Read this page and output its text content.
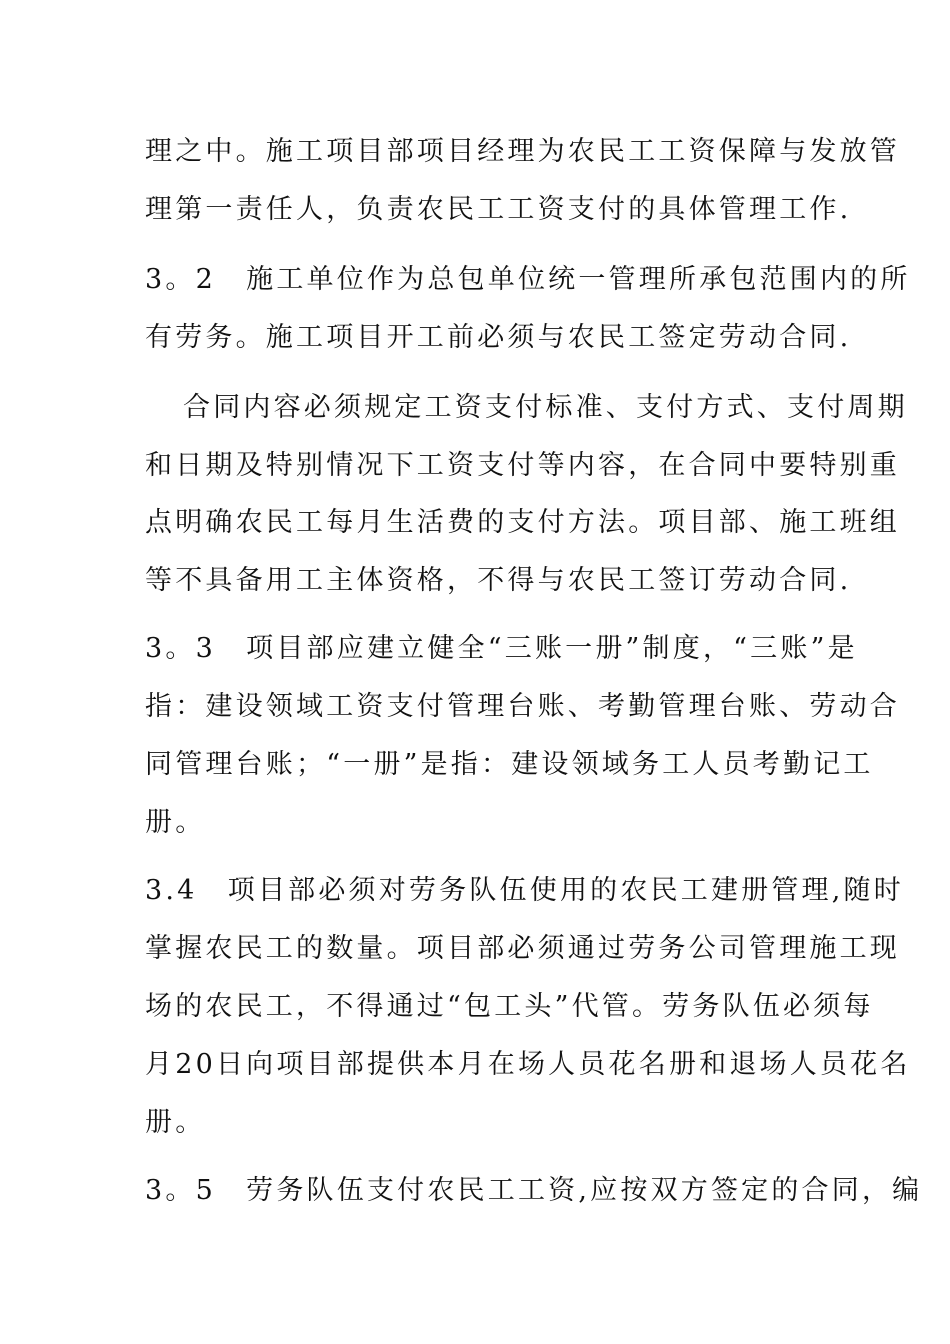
理之中。施工项目部项目经理为农民工工资保障与发放管
理第一责任人，负责农民工工资支付的具体管理工作.
3。2　施工单位作为总包单位统一管理所承包范围内的所
有劳务。施工项目开工前必须与农民工签定劳动合同.
合同内容必须规定工资支付标准、支付方式、支付周期
和日期及特别情况下工资支付等内容，在合同中要特别重
点明确农民工每月生活费的支付方法。项目部、施工班组
等不具备用工主体资格，不得与农民工签订劳动合同.
3。3　项目部应建立健全“三账一册”制度，“三账”是
指：建设领域工资支付管理台账、考勤管理台账、劳动合
同管理台账；“一册”是指：建设领域务工人员考勤记工
册。
3.4　项目部必须对劳务队伍使用的农民工建册管理,随时
掌握农民工的数量。项目部必须通过劳务公司管理施工现
场的农民工，不得通过“包工头”代管。劳务队伍必须每
月20日向项目部提供本月在场人员花名册和退场人员花名
册。
3。5　劳务队伍支付农民工工资,应按双方签定的合同，编
